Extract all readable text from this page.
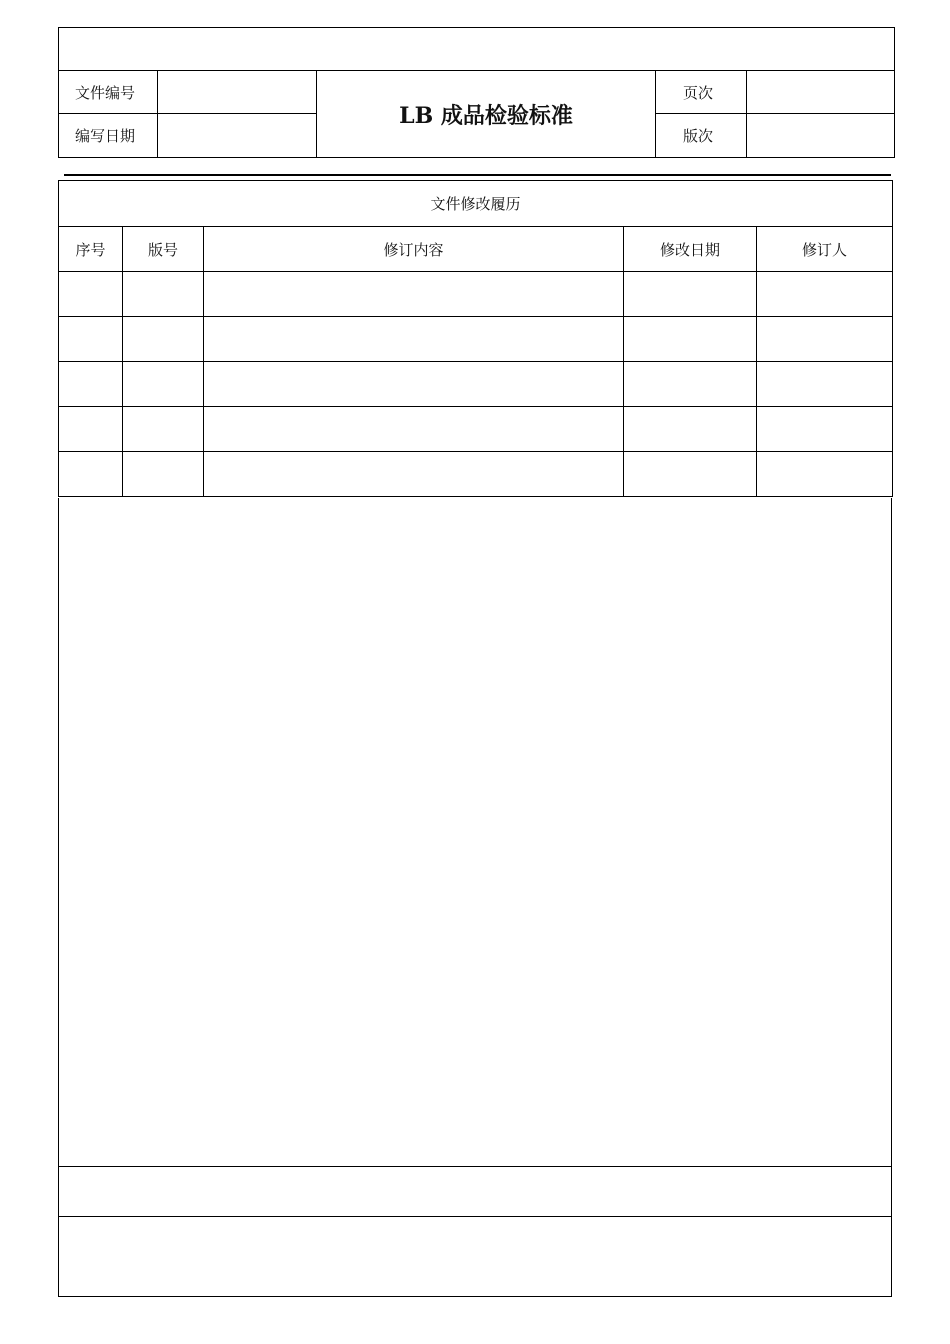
文件编号		LB 成品检验标准	页次	
编写日期			版次	
文件修改履历				
序号	版号	修订内容	修改日期	修订人
